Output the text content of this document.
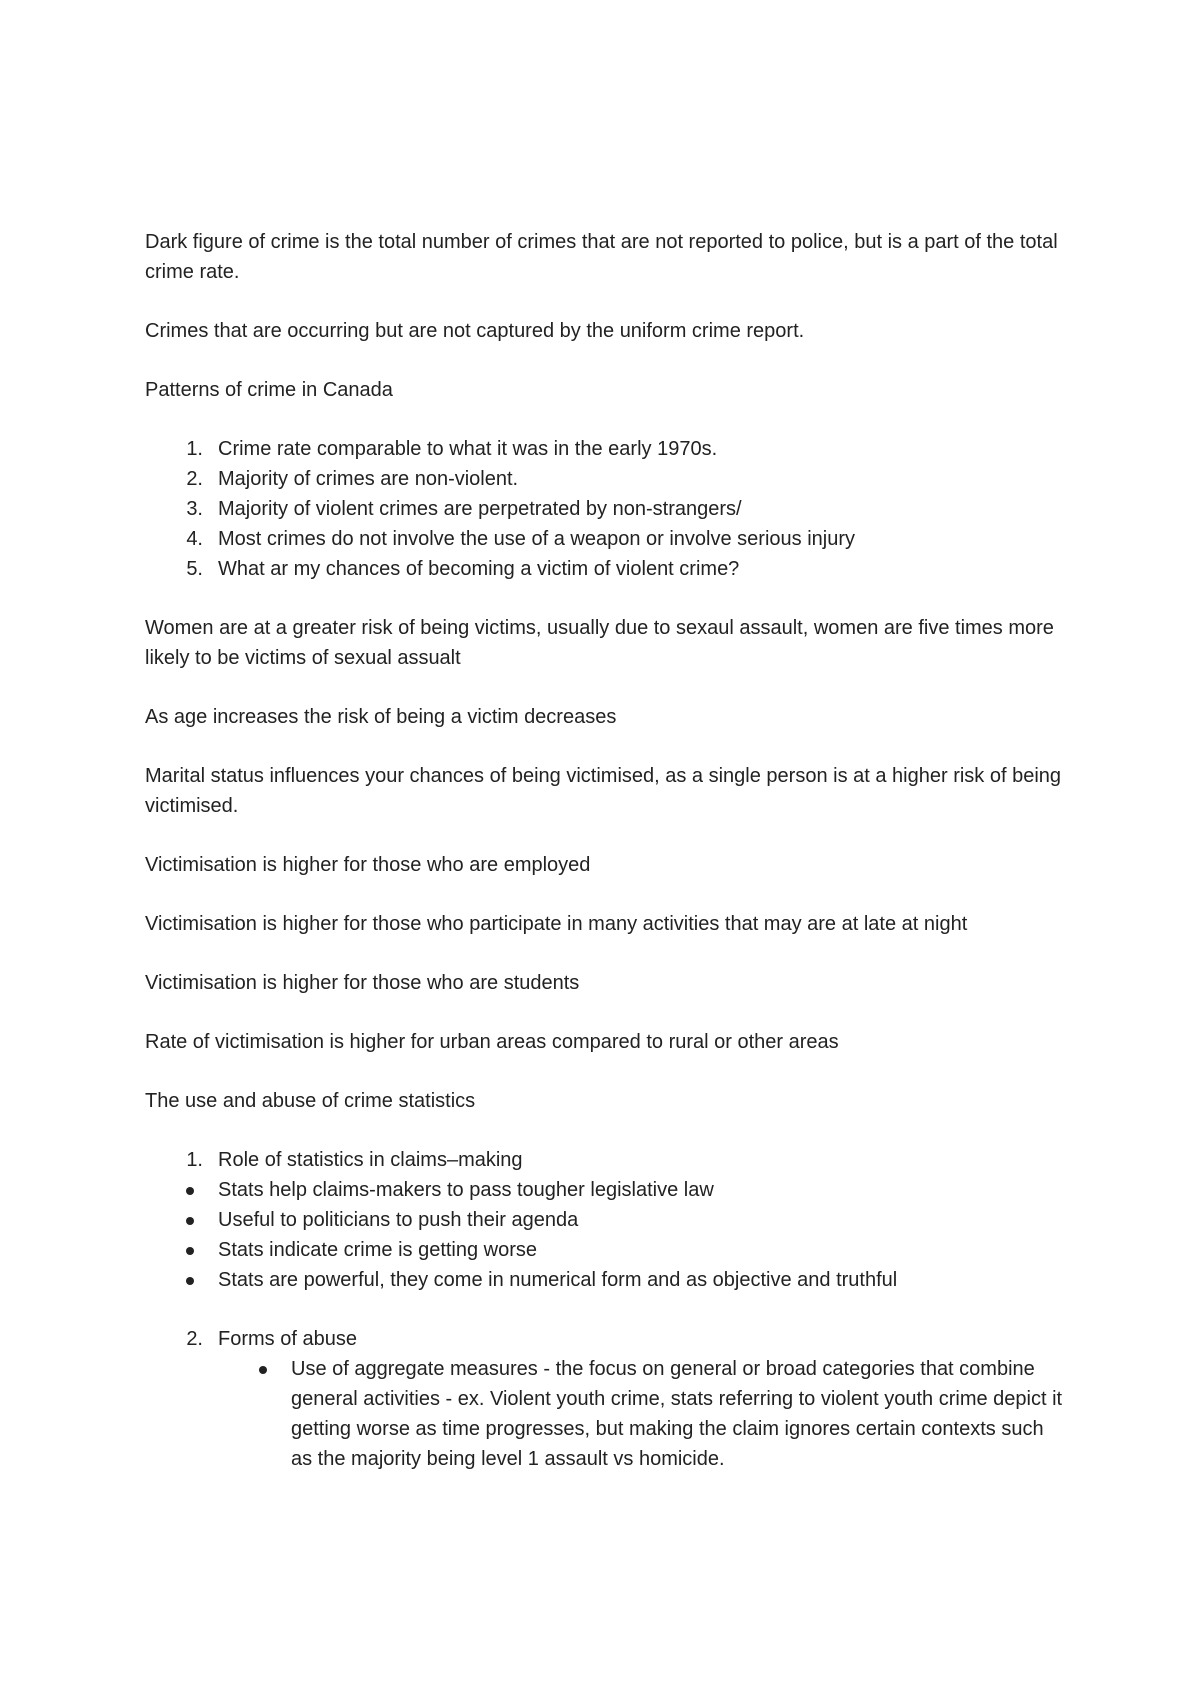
Dark figure of crime is the total number of crimes that are not reported to police, but is a part of the total crime rate.

Crimes that are occurring but are not captured by the uniform crime report.

Patterns of crime in Canada

1. Crime rate comparable to what it was in the early 1970s.
2. Majority of crimes are non-violent.
3. Majority of violent crimes are perpetrated by non-strangers/
4. Most crimes do not involve the use of a weapon or involve serious injury
5. What ar my chances of becoming a victim of violent crime?

Women are at a greater risk of being victims, usually due to sexaul assault, women are five times more likely to be victims of sexual assualt

As age increases the risk of being a victim decreases

Marital status influences your chances of being victimised, as a single person is at a higher risk of being victimised.

Victimisation is higher for those who are employed

Victimisation is higher for those who participate in many activities that may are at late at night

Victimisation is higher for those who are students

Rate of victimisation is higher for urban areas compared to rural or other areas

The use and abuse of crime statistics

1. Role of statistics in claims–making
Stats help claims-makers to pass tougher legislative law
Useful to politicians to push their agenda
Stats indicate crime is getting worse
Stats are powerful, they come in numerical form and as objective and truthful
2. Forms of abuse
Use of aggregate measures - the focus on general or broad categories that combine general activities - ex. Violent youth crime, stats referring to violent youth crime depict it getting worse as time progresses, but making the claim ignores certain contexts such as the majority being level 1 assault vs homicide.
